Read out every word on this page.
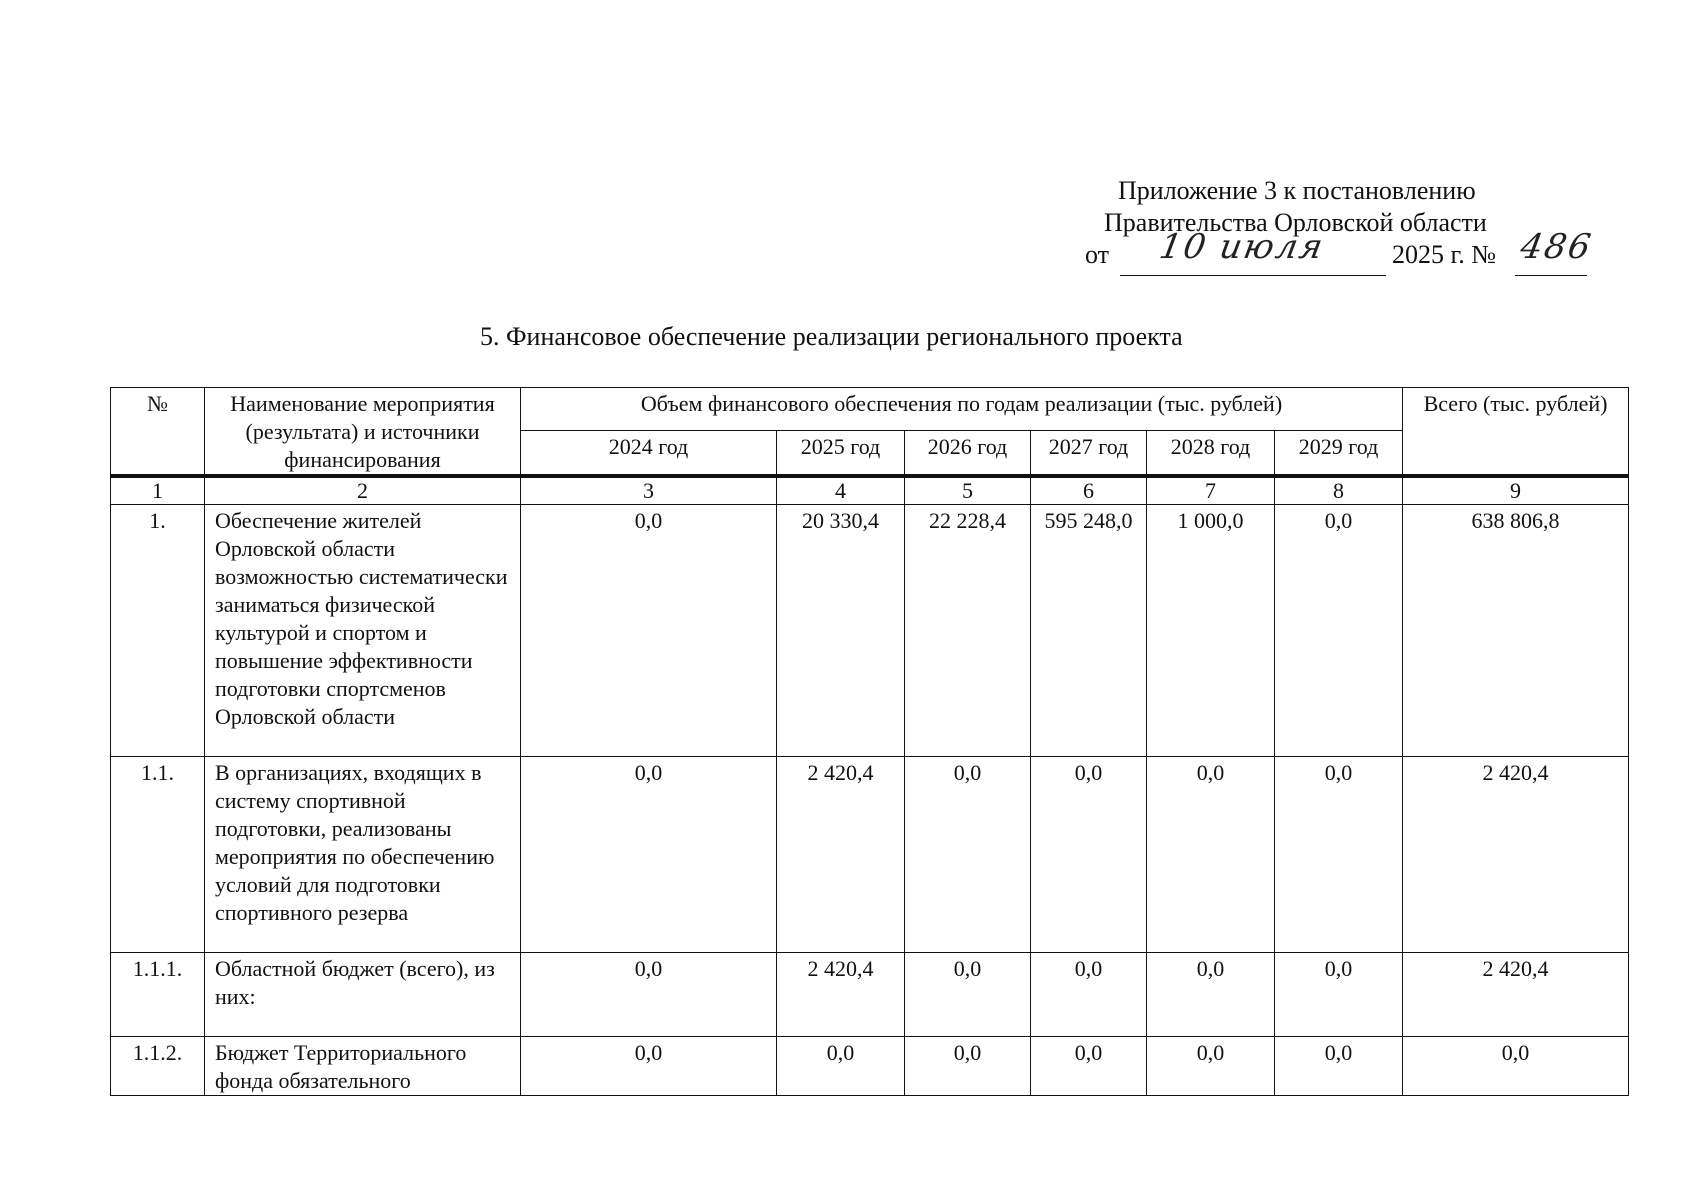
Приложение 3 к постановлению
Правительства Орловской области
от 10 июля 2025 г. № 486
5. Финансовое обеспечение реализации регионального проекта
№	Наименование мероприятия (результата) и источники финансирования	Объем финансового обеспечения по годам реализации (тыс. рублей)						Всего (тыс. рублей)
		2024 год	2025 год	2026 год	2027 год	2028 год	2029 год	

1	2	3	4	5	6	7	8	9
1.	Обеспечение жителей Орловской области возможностью систематически заниматься физической культурой и спортом и повышение эффективности подготовки спортсменов Орловской области	0,0	20 330,4	22 228,4	595 248,0	1 000,0	0,0	638 806,8
1.1.	В организациях, входящих в систему спортивной подготовки, реализованы мероприятия по обеспечению условий для подготовки спортивного резерва	0,0	2 420,4	0,0	0,0	0,0	0,0	2 420,4
1.1.1.	Областной бюджет (всего), из них:	0,0	2 420,4	0,0	0,0	0,0	0,0	2 420,4
1.1.2.	Бюджет Территориального фонда обязательного	0,0	0,0	0,0	0,0	0,0	0,0	0,0
